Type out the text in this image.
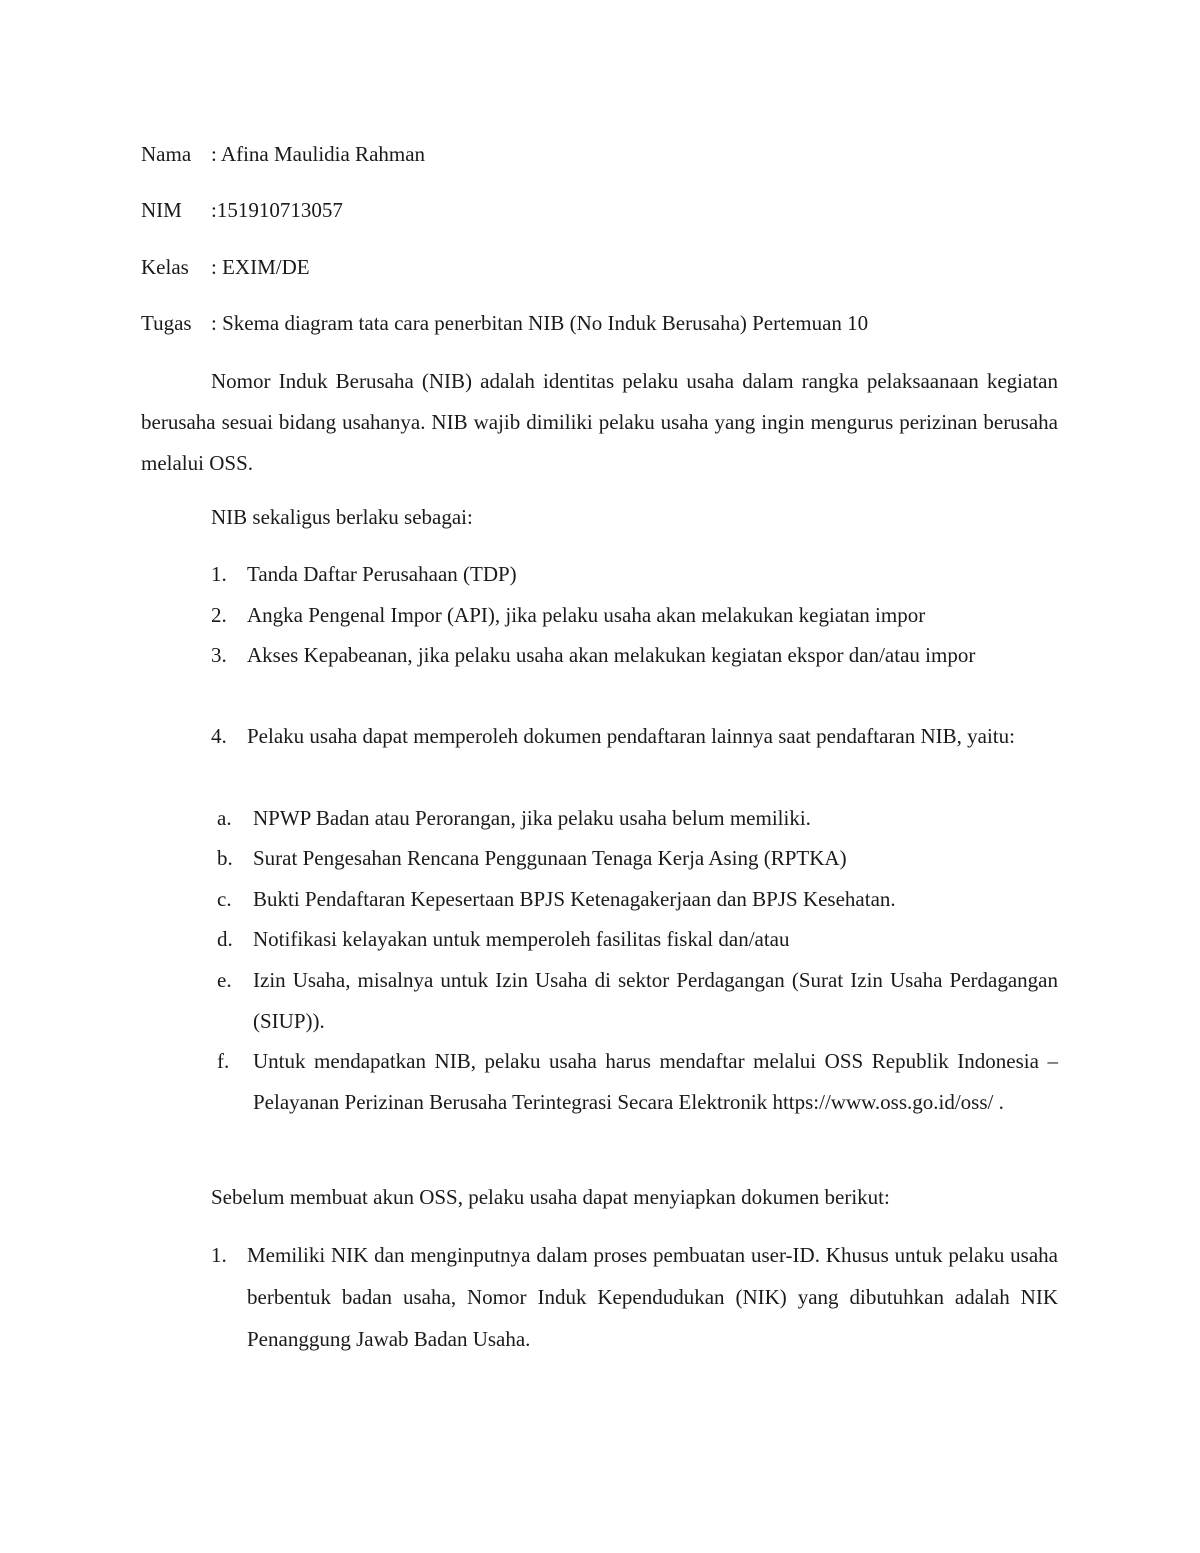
Nama : Afina Maulidia Rahman
NIM :151910713057
Kelas : EXIM/DE
Tugas : Skema diagram tata cara penerbitan NIB (No Induk Berusaha) Pertemuan 10
Nomor Induk Berusaha (NIB) adalah identitas pelaku usaha dalam rangka pelaksaanaan kegiatan berusaha sesuai bidang usahanya. NIB wajib dimiliki pelaku usaha yang ingin mengurus perizinan berusaha melalui OSS.
NIB sekaligus berlaku sebagai:
1. Tanda Daftar Perusahaan (TDP)
2. Angka Pengenal Impor (API), jika pelaku usaha akan melakukan kegiatan impor
3. Akses Kepabeanan, jika pelaku usaha akan melakukan kegiatan ekspor dan/atau impor
4. Pelaku usaha dapat memperoleh dokumen pendaftaran lainnya saat pendaftaran NIB, yaitu:
a.	NPWP Badan atau Perorangan, jika pelaku usaha belum memiliki.
b. Surat Pengesahan Rencana Penggunaan Tenaga Kerja Asing (RPTKA)
c.	Bukti Pendaftaran Kepesertaan BPJS Ketenagakerjaan dan BPJS Kesehatan.
d. Notifikasi kelayakan untuk memperoleh fasilitas fiskal dan/atau
e.	Izin Usaha, misalnya untuk Izin Usaha di sektor Perdagangan (Surat Izin Usaha Perdagangan (SIUP)).
f.	Untuk mendapatkan NIB, pelaku usaha harus mendaftar melalui OSS Republik Indonesia – Pelayanan Perizinan Berusaha Terintegrasi Secara Elektronik https://www.oss.go.id/oss/ .
Sebelum membuat akun OSS, pelaku usaha dapat menyiapkan dokumen berikut:
1. Memiliki NIK dan menginputnya dalam proses pembuatan user-ID. Khusus untuk pelaku usaha berbentuk badan usaha, Nomor Induk Kependudukan (NIK) yang dibutuhkan adalah NIK Penanggung Jawab Badan Usaha.
